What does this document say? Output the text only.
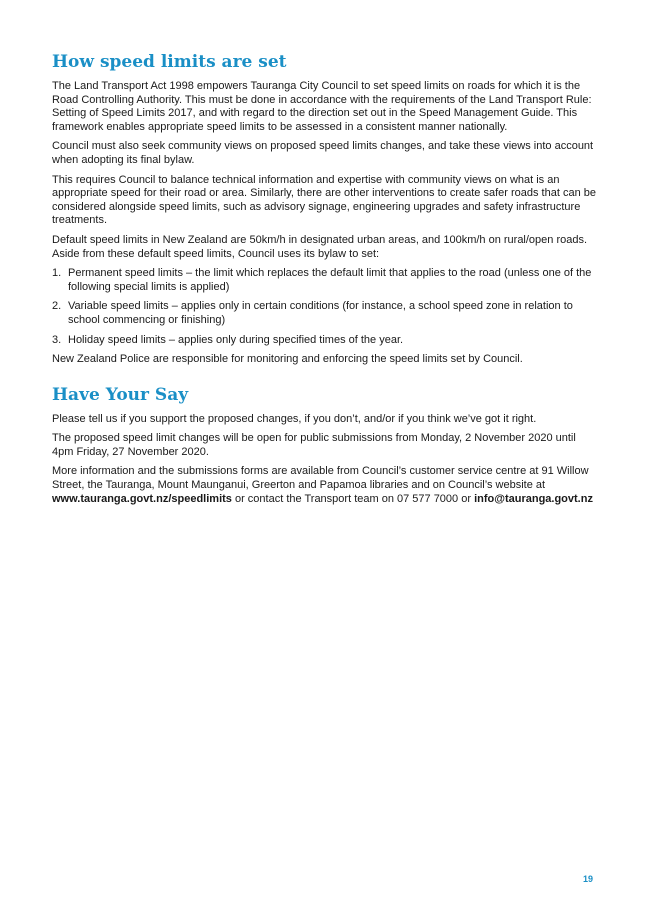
How speed limits are set

The Land Transport Act 1998 empowers Tauranga City Council to set speed limits on roads for which it is the Road Controlling Authority. This must be done in accordance with the requirements of the Land Transport Rule: Setting of Speed Limits 2017, and with regard to the direction set out in the Speed Management Guide. This framework enables appropriate speed limits to be assessed in a consistent manner nationally.

Council must also seek community views on proposed speed limits changes, and take these views into account when adopting its final bylaw.

This requires Council to balance technical information and expertise with community views on what is an appropriate speed for their road or area. Similarly, there are other interventions to create safer roads that can be considered alongside speed limits, such as advisory signage, engineering upgrades and safety infrastructure treatments.

Default speed limits in New Zealand are 50km/h in designated urban areas, and 100km/h on rural/open roads. Aside from these default speed limits, Council uses its bylaw to set:

1. Permanent speed limits – the limit which replaces the default limit that applies to the road (unless one of the following special limits is applied)
2. Variable speed limits – applies only in certain conditions (for instance, a school speed zone in relation to school commencing or finishing)
3. Holiday speed limits – applies only during specified times of the year.

New Zealand Police are responsible for monitoring and enforcing the speed limits set by Council.

Have Your Say

Please tell us if you support the proposed changes, if you don’t, and/or if you think we’ve got it right.

The proposed speed limit changes will be open for public submissions from Monday, 2 November 2020 until 4pm Friday, 27 November 2020.

More information and the submissions forms are available from Council’s customer service centre at 91 Willow Street, the Tauranga, Mount Maunganui, Greerton and Papamoa libraries and on Council’s website at www.tauranga.govt.nz/speedlimits or contact the Transport team on 07 577 7000 or info@tauranga.govt.nz

19
